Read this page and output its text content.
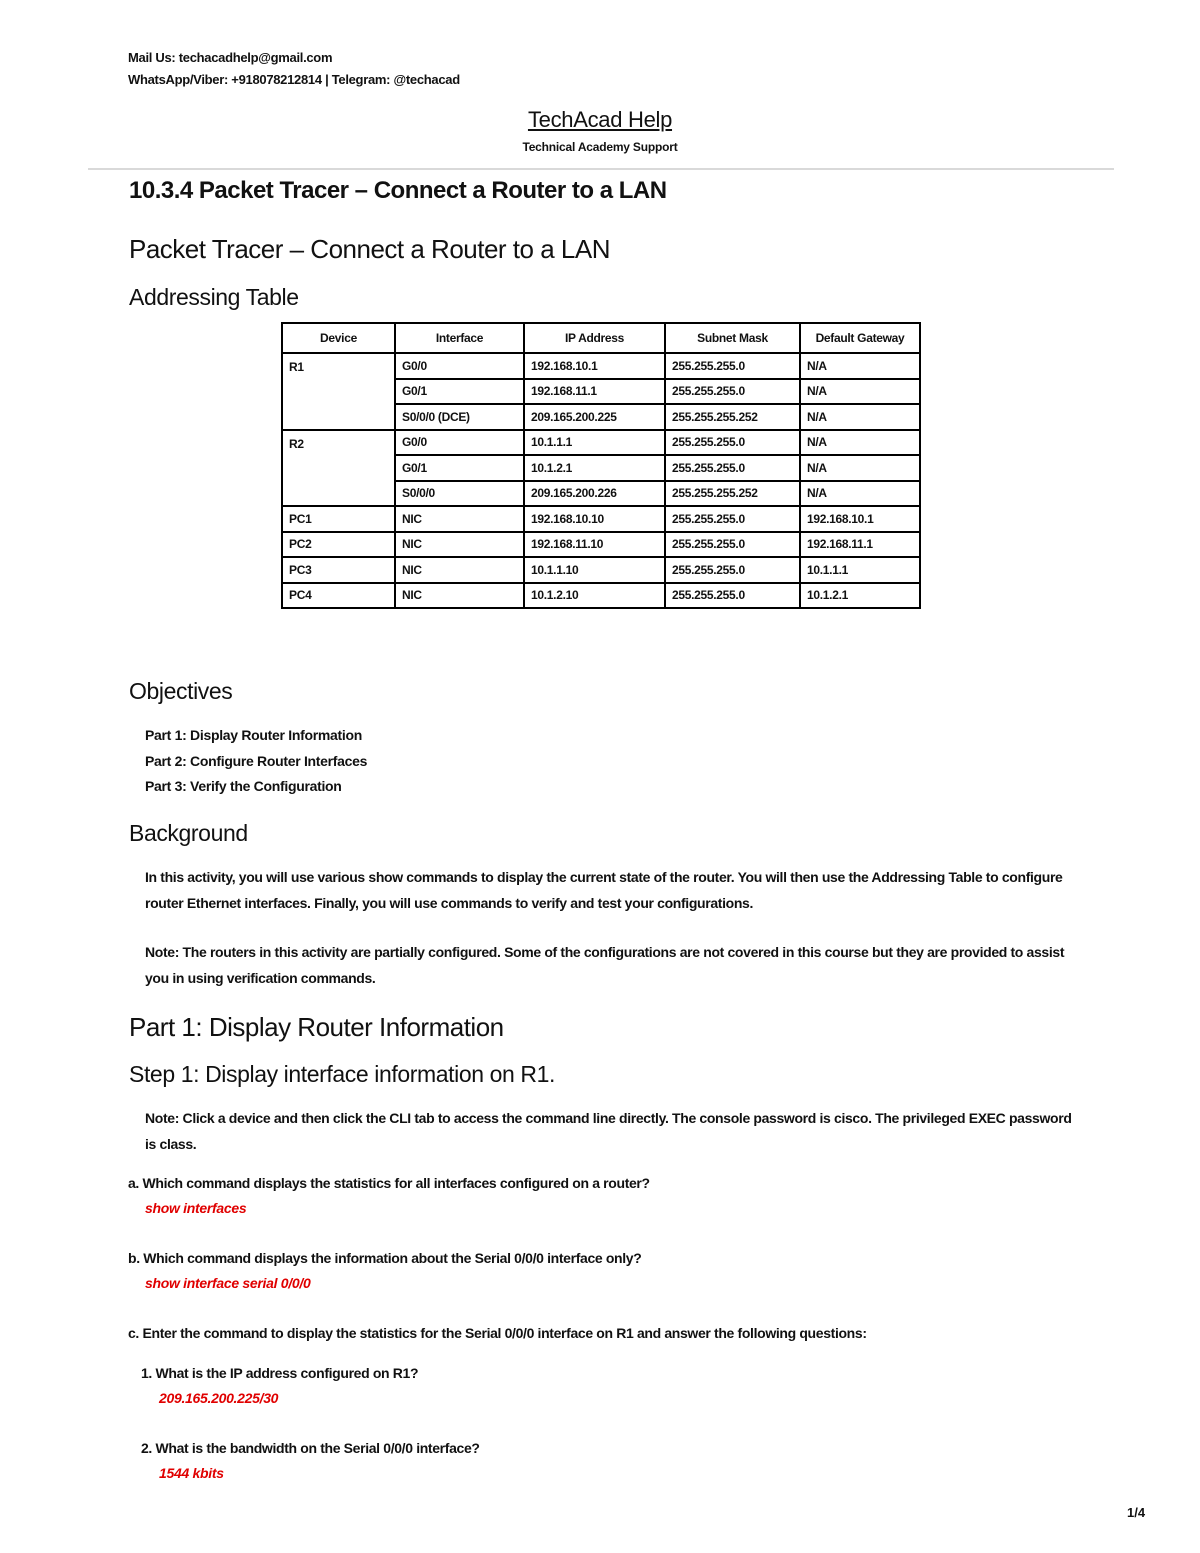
Mail Us: techacadhelp@gmail.com
WhatsApp/Viber: +918078212814 | Telegram: @techacad
TechAcad Help
Technical Academy Support
10.3.4 Packet Tracer – Connect a Router to a LAN
Packet Tracer – Connect a Router to a LAN
Addressing Table
Device	Interface	IP Address	Subnet Mask	Default Gateway
R1	G0/0	192.168.10.1	255.255.255.0	N/A
	G0/1	192.168.11.1	255.255.255.0	N/A
	S0/0/0 (DCE)	209.165.200.225	255.255.255.252	N/A
R2	G0/0	10.1.1.1	255.255.255.0	N/A
	G0/1	10.1.2.1	255.255.255.0	N/A
	S0/0/0	209.165.200.226	255.255.255.252	N/A
PC1	NIC	192.168.10.10	255.255.255.0	192.168.10.1
PC2	NIC	192.168.11.10	255.255.255.0	192.168.11.1
PC3	NIC	10.1.1.10	255.255.255.0	10.1.1.1
PC4	NIC	10.1.2.10	255.255.255.0	10.1.2.1
Objectives
Part 1: Display Router Information
Part 2: Configure Router Interfaces
Part 3: Verify the Configuration
Background

In this activity, you will use various show commands to display the current state of the router. You will then use the Addressing Table to configure router Ethernet interfaces. Finally, you will use commands to verify and test your configurations.

Note: The routers in this activity are partially configured. Some of the configurations are not covered in this course but they are provided to assist you in using verification commands.

Part 1: Display Router Information
Step 1: Display interface information on R1.

Note: Click a device and then click the CLI tab to access the command line directly. The console password is cisco. The privileged EXEC password is class.

a. Which command displays the statistics for all interfaces configured on a router?

show interfaces

b. Which command displays the information about the Serial 0/0/0 interface only?

show interface serial 0/0/0

c. Enter the command to display the statistics for the Serial 0/0/0 interface on R1 and answer the following questions:

1. What is the IP address configured on R1?

209.165.200.225/30

2. What is the bandwidth on the Serial 0/0/0 interface?

1544 kbits

1/4
